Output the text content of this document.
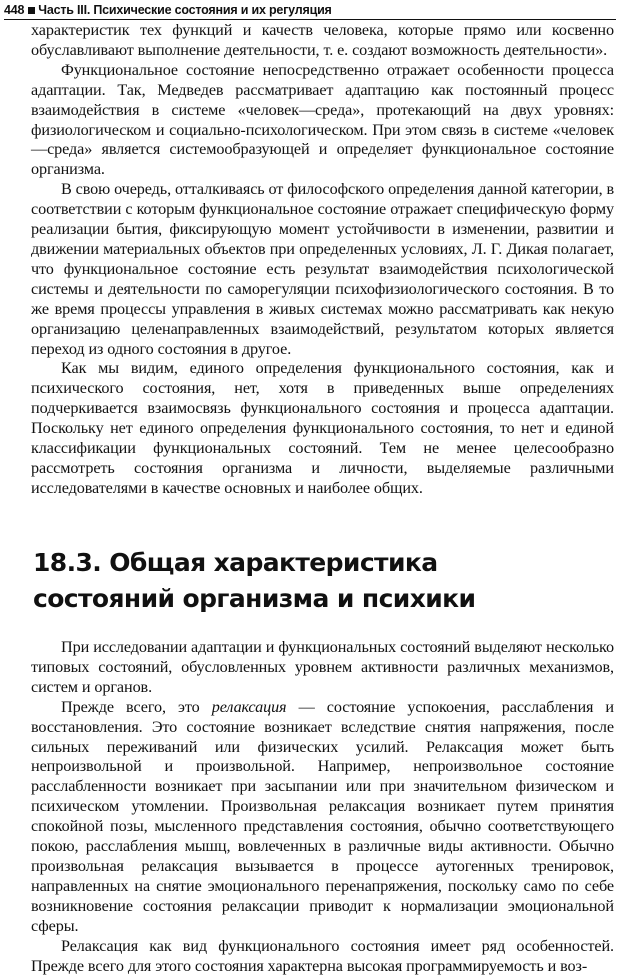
448 Часть III. Психические состояния и их регуляция

характеристик тех функций и качеств человека, которые прямо или косвенно обуславливают выполнение деятельности, т. е. создают возможность деятельности».

Функциональное состояние непосредственно отражает особенности процесса адаптации. Так, Медведев рассматривает адаптацию как постоянный процесс взаимодействия в системе «человек—среда», протекающий на двух уровнях: физиологическом и социально-психологическом. При этом связь в системе «человек—среда» является системообразующей и определяет функциональное состояние организма.

В свою очередь, отталкиваясь от философского определения данной категории, в соответствии с которым функциональное состояние отражает специфическую форму реализации бытия, фиксирующую момент устойчивости в изменении, развитии и движении материальных объектов при определенных условиях, Л. Г. Дикая полагает, что функциональное состояние есть результат взаимодействия психологической системы и деятельности по саморегуляции психофизиологического состояния. В то же время процессы управления в живых системах можно рассматривать как некую организацию целенаправленных взаимодействий, результатом которых является переход из одного состояния в другое.

Как мы видим, единого определения функционального состояния, как и психического состояния, нет, хотя в приведенных выше определениях подчеркивается взаимосвязь функционального состояния и процесса адаптации. Поскольку нет единого определения функционального состояния, то нет и единой классификации функциональных состояний. Тем не менее целесообразно рассмотреть состояния организма и личности, выделяемые различными исследователями в качестве основных и наиболее общих.

18.3. Общая характеристика
состояний организма и психики

При исследовании адаптации и функциональных состояний выделяют несколько типовых состояний, обусловленных уровнем активности различных механизмов, систем и органов.

Прежде всего, это релаксация — состояние успокоения, расслабления и восстановления. Это состояние возникает вследствие снятия напряжения, после сильных переживаний или физических усилий. Релаксация может быть непроизвольной и произвольной. Например, непроизвольное состояние расслабленности возникает при засыпании или при значительном физическом и психическом утомлении. Произвольная релаксация возникает путем принятия спокойной позы, мысленного представления состояния, обычно соответствующего покою, расслабления мышц, вовлеченных в различные виды активности. Обычно произвольная релаксация вызывается в процессе аутогенных тренировок, направленных на снятие эмоционального перенапряжения, поскольку само по себе возникновение состояния релаксации приводит к нормализации эмоциональной сферы.

Релаксация как вид функционального состояния имеет ряд особенностей. Прежде всего для этого состояния характерна высокая программируемость и воз-
